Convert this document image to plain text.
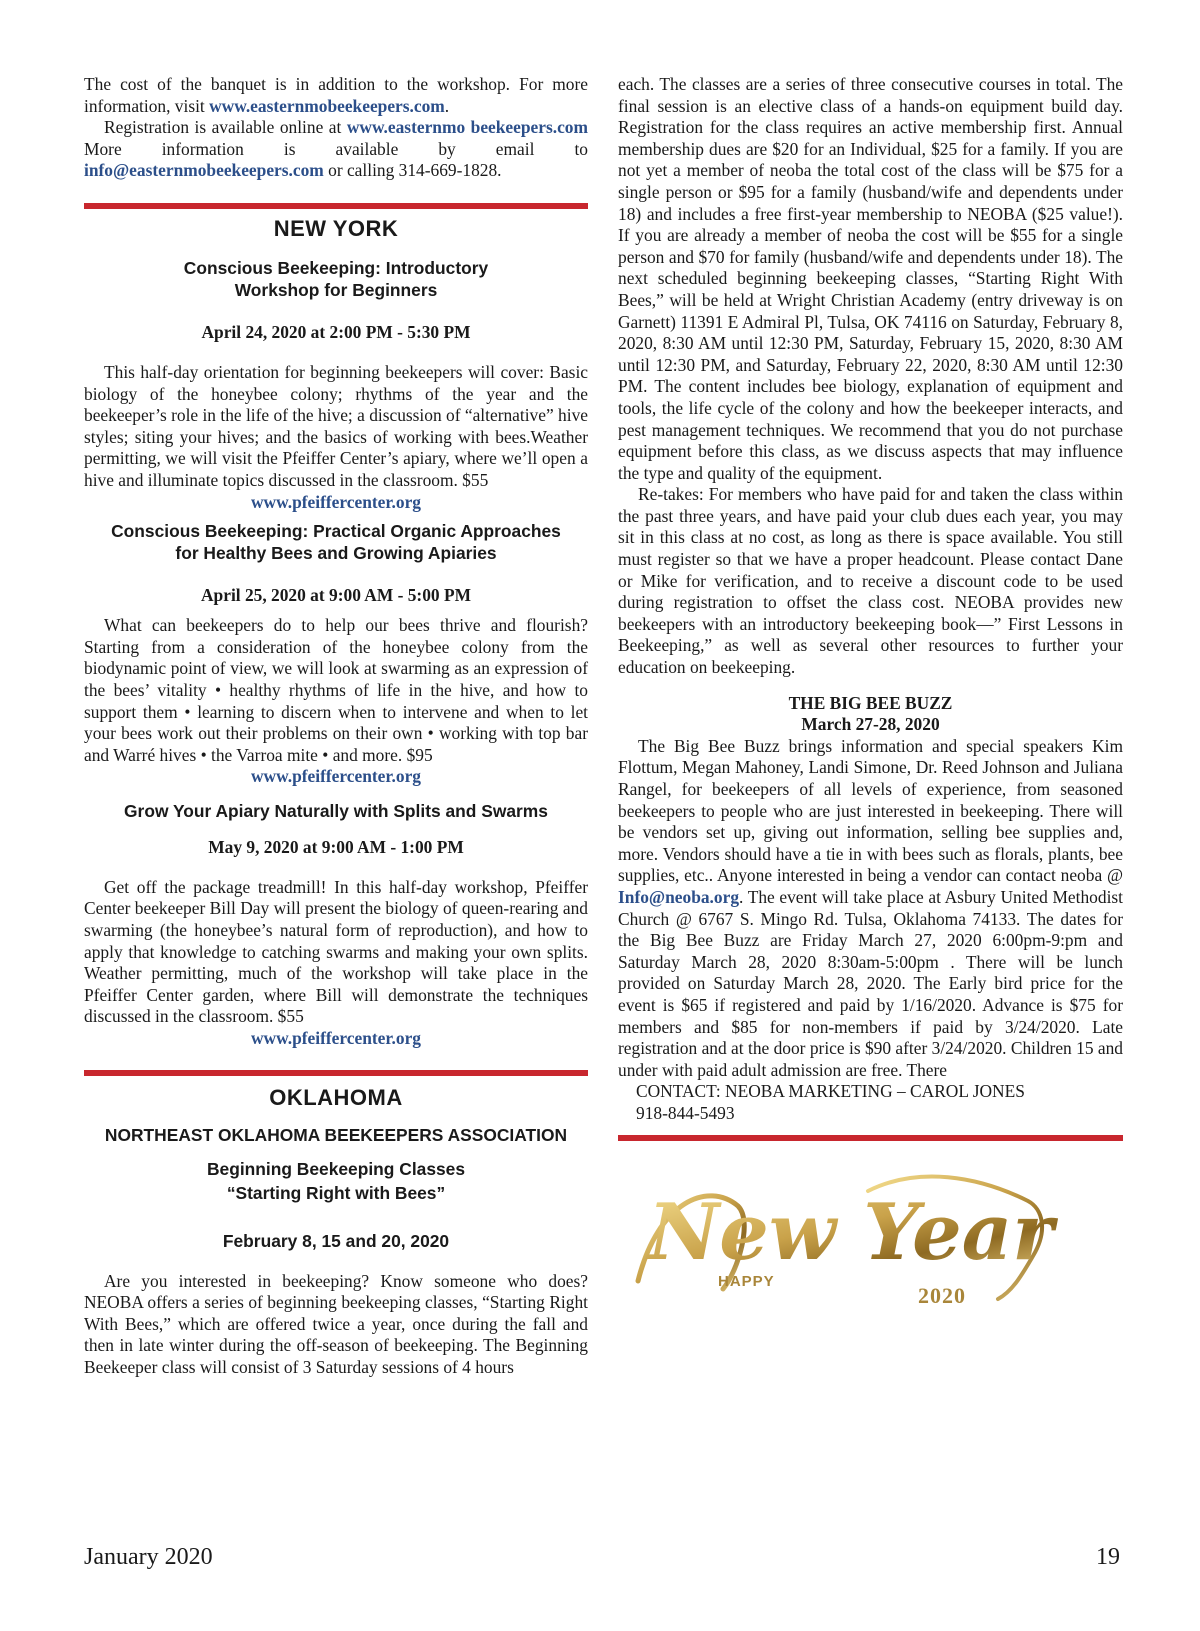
The cost of the banquet is in addition to the workshop. For more information, visit www.easternmobeekeepers.com.

Registration is available online at www.easternmo beekeepers.com More information is available by email to info@easternmobeekeepers.com or calling 314-669-1828.

NEW YORK

Conscious Beekeeping: Introductory

Workshop for Beginners

April 24, 2020 at 2:00 PM - 5:30 PM

This half-day orientation for beginning beekeepers will cover: Basic biology of the honeybee colony; rhythms of the year and the beekeeper’s role in the life of the hive; a discussion of “alternative” hive styles; siting your hives; and the basics of working with bees.Weather permitting, we will visit the Pfeiffer Center’s apiary, where we’ll open a hive and illuminate topics discussed in the classroom. $55

www.pfeiffercenter.org

Conscious Beekeeping: Practical Organic Approaches

for Healthy Bees and Growing Apiaries

April 25, 2020 at 9:00 AM - 5:00 PM

What can beekeepers do to help our bees thrive and flourish? Starting from a consideration of the honeybee colony from the biodynamic point of view, we will look at swarming as an expression of the bees’ vitality • healthy rhythms of life in the hive, and how to support them • learning to discern when to intervene and when to let your bees work out their problems on their own • working with top bar and Warré hives • the Varroa mite • and more. $95

www.pfeiffercenter.org

Grow Your Apiary Naturally with Splits and Swarms

May 9, 2020 at 9:00 AM - 1:00 PM

Get off the package treadmill! In this half-day workshop, Pfeiffer Center beekeeper Bill Day will present the biology of queen-rearing and swarming (the honeybee’s natural form of reproduction), and how to apply that knowledge to catching swarms and making your own splits. Weather permitting, much of the workshop will take place in the Pfeiffer Center garden, where Bill will demonstrate the techniques discussed in the classroom. $55

www.pfeiffercenter.org

OKLAHOMA

NORTHEAST OKLAHOMA BEEKEEPERS ASSOCIATION

Beginning Beekeeping Classes

“Starting Right with Bees”

February 8, 15 and 20, 2020

Are you interested in beekeeping? Know someone who does? NEOBA offers a series of beginning beekeeping classes, “Starting Right With Bees,” which are offered twice a year, once during the fall and then in late winter during the off-season of beekeeping. The Beginning Beekeeper class will consist of 3 Saturday sessions of 4 hours

each. The classes are a series of three consecutive courses in total. The final session is an elective class of a hands-on equipment build day. Registration for the class requires an active membership first. Annual membership dues are $20 for an Individual, $25 for a family. If you are not yet a member of neoba the total cost of the class will be $75 for a single person or $95 for a family (husband/wife and dependents under 18) and includes a free first-year membership to NEOBA ($25 value!). If you are already a member of neoba the cost will be $55 for a single person and $70 for family (husband/wife and dependents under 18). The next scheduled beginning beekeeping classes, “Starting Right With Bees,” will be held at Wright Christian Academy (entry driveway is on Garnett) 11391 E Admiral Pl, Tulsa, OK 74116 on Saturday, February 8, 2020, 8:30 AM until 12:30 PM, Saturday, February 15, 2020, 8:30 AM until 12:30 PM, and Saturday, February 22, 2020, 8:30 AM until 12:30 PM. The content includes bee biology, explanation of equipment and tools, the life cycle of the colony and how the beekeeper interacts, and pest management techniques. We recommend that you do not purchase equipment before this class, as we discuss aspects that may influence the type and quality of the equipment.

Re-takes: For members who have paid for and taken the class within the past three years, and have paid your club dues each year, you may sit in this class at no cost, as long as there is space available. You still must register so that we have a proper headcount. Please contact Dane or Mike for verification, and to receive a discount code to be used during registration to offset the class cost. NEOBA provides new beekeepers with an introductory beekeeping book—” First Lessons in Beekeeping,” as well as several other resources to further your education on beekeeping.

THE BIG BEE BUZZ

March 27-28, 2020

The Big Bee Buzz brings information and special speakers Kim Flottum, Megan Mahoney, Landi Simone, Dr. Reed Johnson and Juliana Rangel, for beekeepers of all levels of experience, from seasoned beekeepers to people who are just interested in beekeeping. There will be vendors set up, giving out information, selling bee supplies and, more. Vendors should have a tie in with bees such as florals, plants, bee supplies, etc.. Anyone interested in being a vendor can contact neoba @ Info@neoba.org. The event will take place at Asbury United Methodist Church @ 6767 S. Mingo Rd. Tulsa, Oklahoma 74133. The dates for the Big Bee Buzz are Friday March 27, 2020 6:00pm-9:pm and Saturday March 28, 2020 8:30am-5:00pm . There will be lunch provided on Saturday March 28, 2020. The Early bird price for the event is $65 if registered and paid by 1/16/2020. Advance is $75 for members and $85 for non-members if paid by 3/24/2020. Late registration and at the door price is $90 after 3/24/2020. Children 15 and under with paid adult admission are free. There

CONTACT: NEOBA MARKETING – CAROL JONES

918-844-5493

New Year
HAPPY
2020
January 2020	19
